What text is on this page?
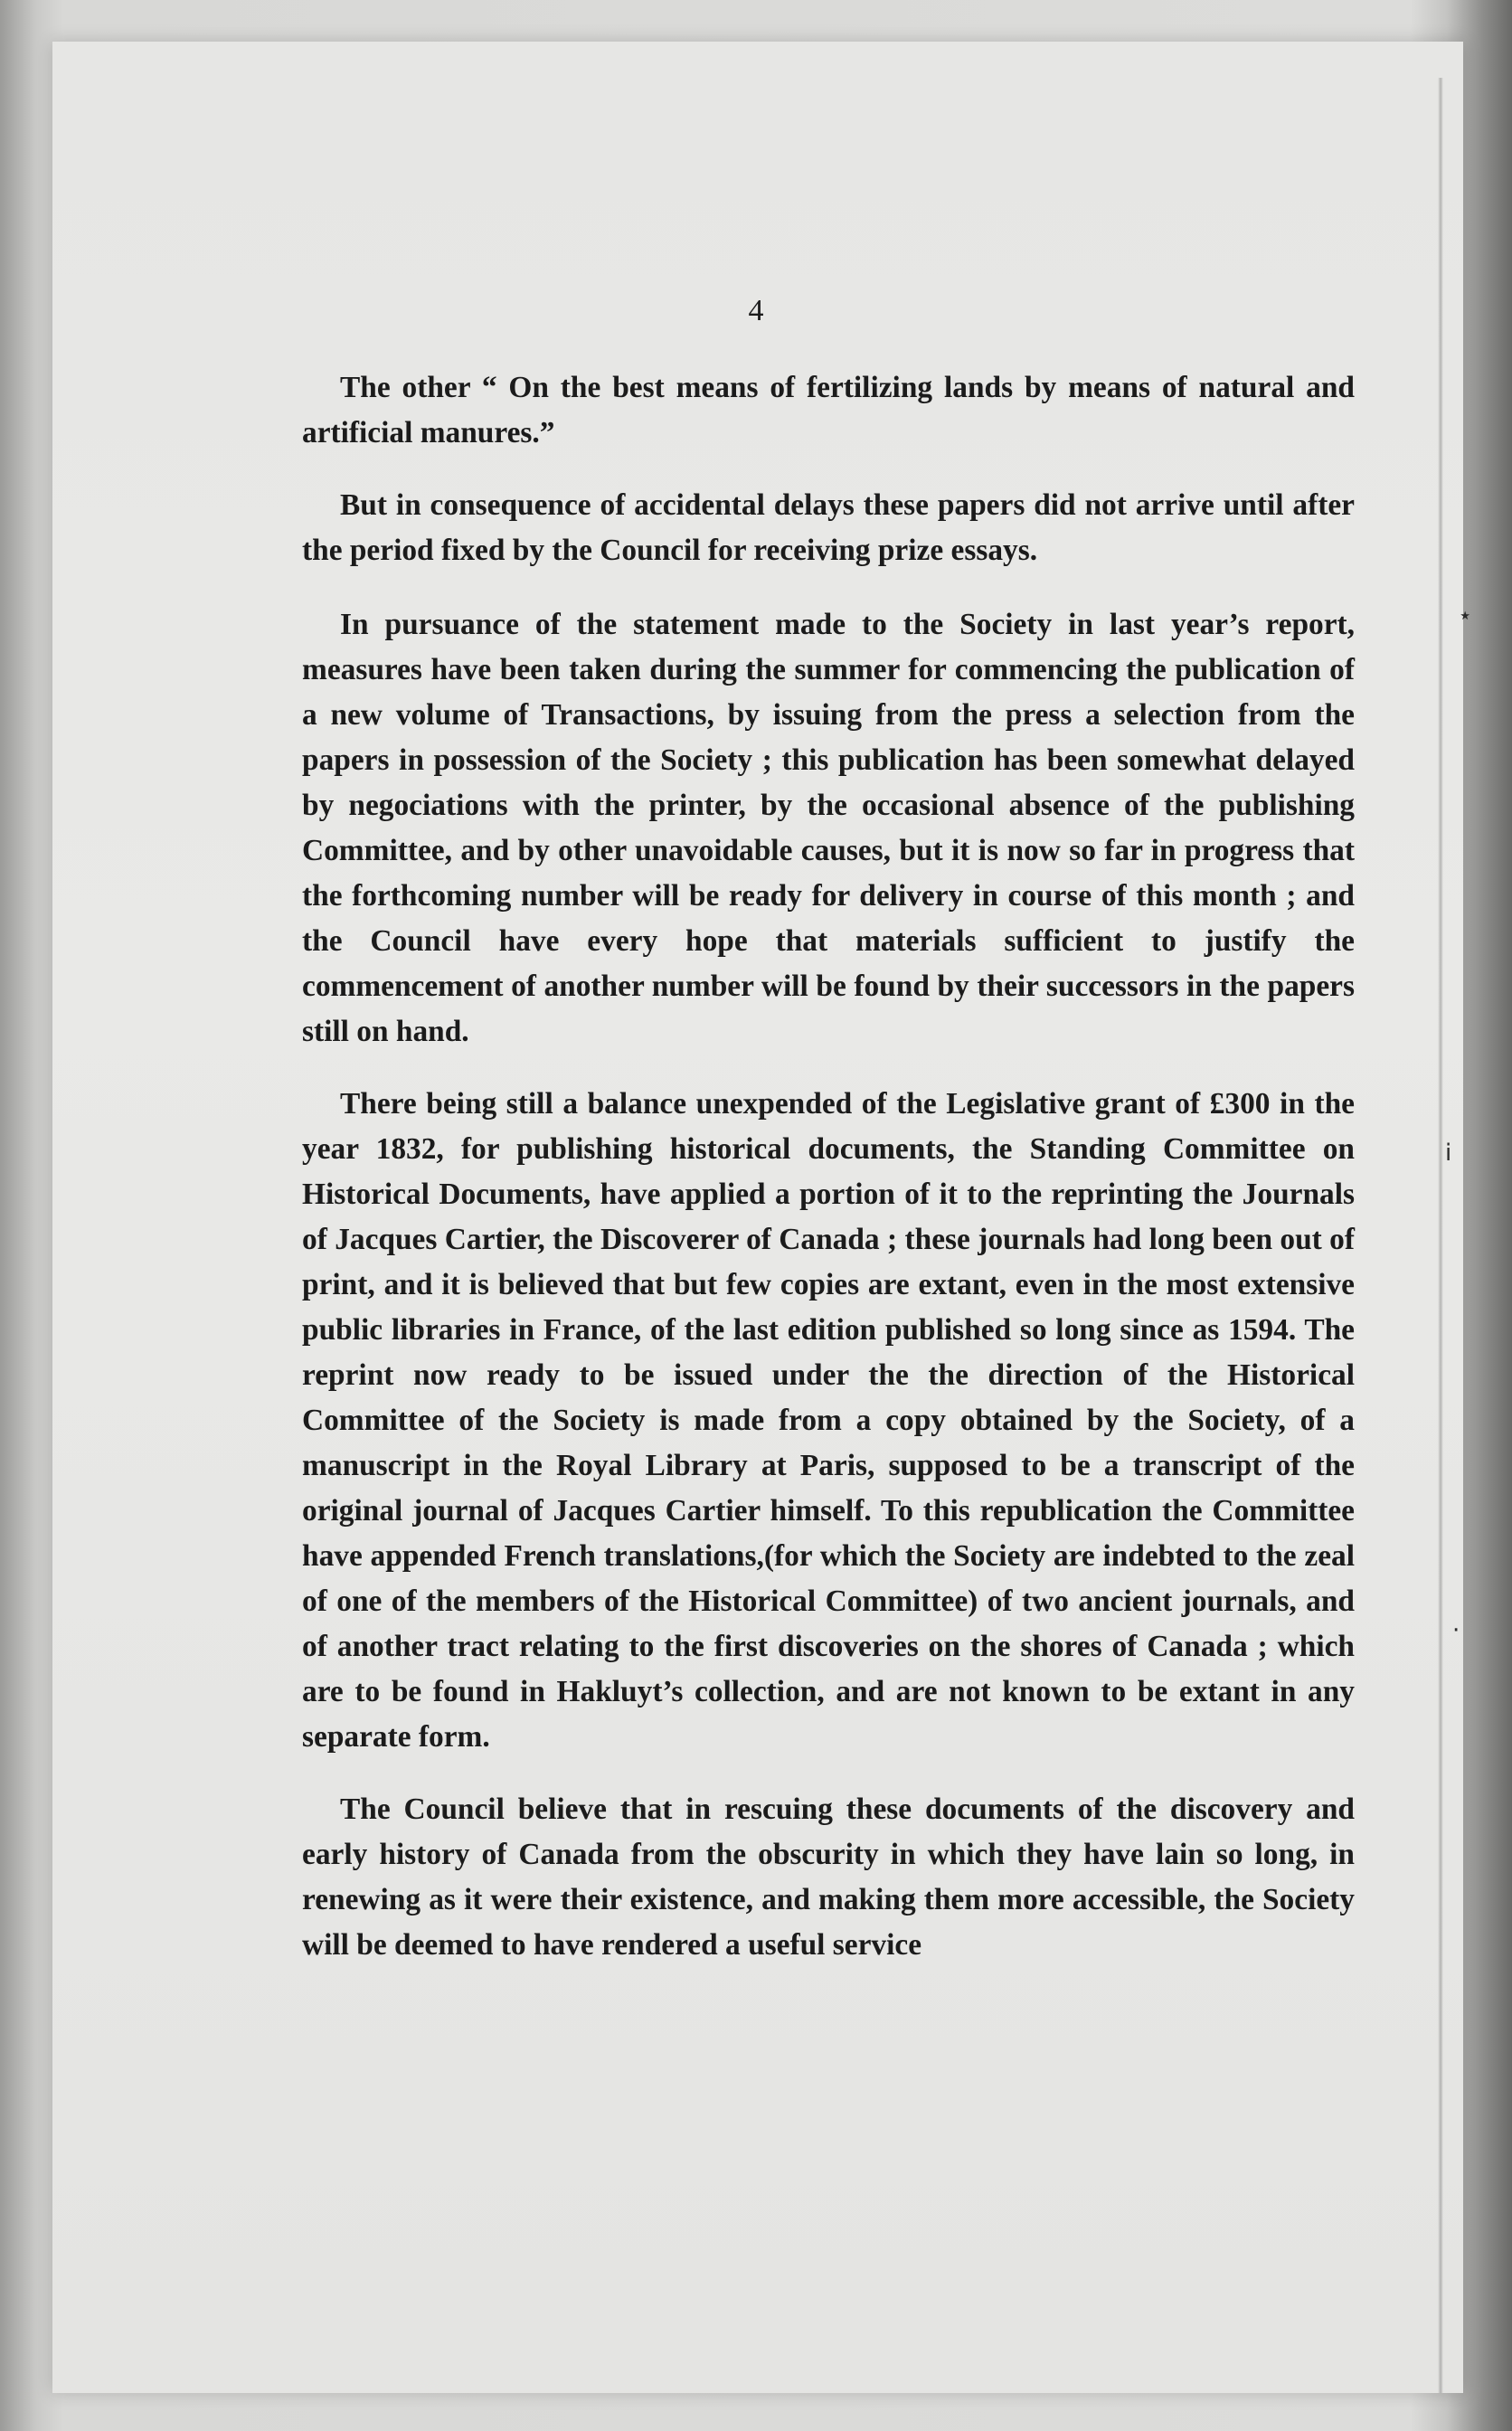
⋆
і
·
4

The other “ On the best means of fertilizing lands by means of natural and artificial manures.”

But in consequence of accidental delays these papers did not arrive until after the period fixed by the Council for receiving prize essays.

In pursuance of the statement made to the Society in last year’s report, measures have been taken during the summer for commencing the publication of a new volume of Transactions, by issuing from the press a selection from the papers in possession of the Society ; this publication has been somewhat delayed by negociations with the printer, by the occasional absence of the publishing Committee, and by other unavoidable causes, but it is now so far in progress that the forthcoming number will be ready for delivery in course of this month ; and the Council have every hope that materials sufficient to justify the commencement of another number will be found by their successors in the papers still on hand.

There being still a balance unexpended of the Legislative grant of £300 in the year 1832, for publishing historical documents, the Standing Committee on Historical Documents, have applied a portion of it to the reprinting the Journals of Jacques Cartier, the Discoverer of Canada ; these journals had long been out of print, and it is believed that but few copies are extant, even in the most extensive public libraries in France, of the last edition published so long since as 1594. The reprint now ready to be issued under the the direction of the Historical Committee of the Society is made from a copy obtained by the Society, of a manuscript in the Royal Library at Paris, supposed to be a transcript of the original journal of Jacques Cartier himself. To this republication the Committee have appended French translations,(for which the Society are indebted to the zeal of one of the members of the Historical Committee) of two ancient journals, and of another tract relating to the first discoveries on the shores of Canada ; which are to be found in Hakluyt’s collection, and are not known to be extant in any separate form.

The Council believe that in rescuing these documents of the discovery and early history of Canada from the obscurity in which they have lain so long, in renewing as it were their existence, and making them more accessible, the Society will be deemed to have rendered a useful service
